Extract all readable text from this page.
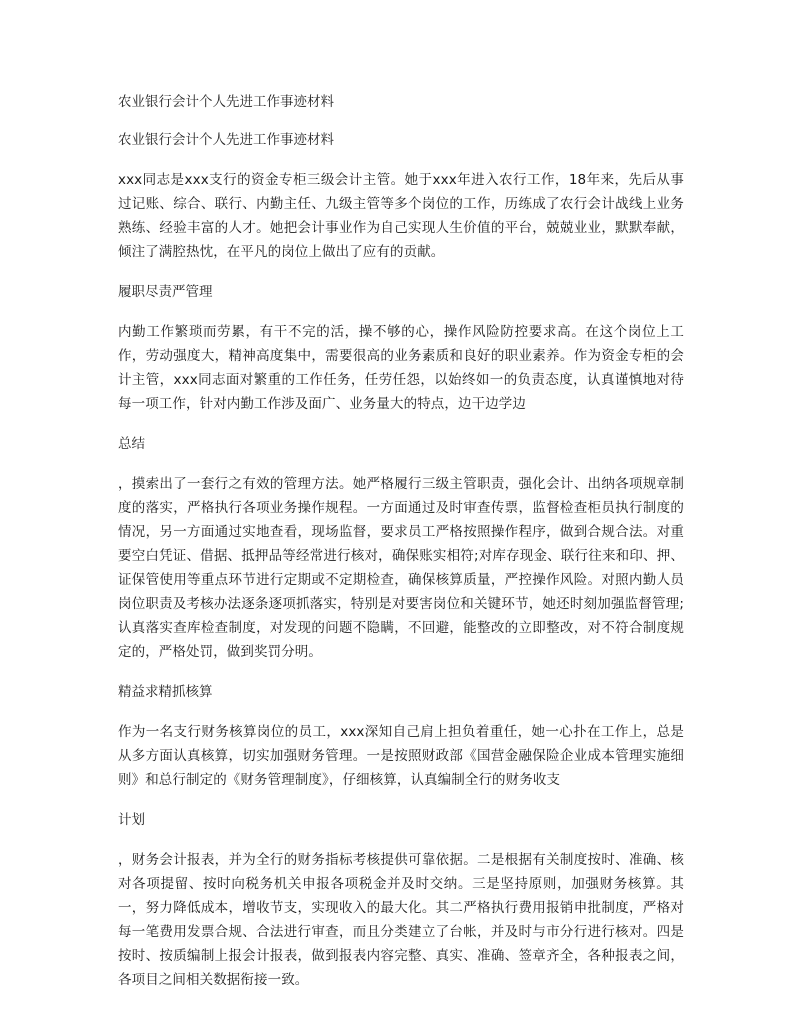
农业银行会计个人先进工作事迹材料
农业银行会计个人先进工作事迹材料

xxx同志是xxx支行的资金专柜三级会计主管。她于xxx年进入农行工作，18年来，先后从事过记账、综合、联行、内勤主任、九级主管等多个岗位的工作，历练成了农行会计战线上业务熟练、经验丰富的人才。她把会计事业作为自己实现人生价值的平台，兢兢业业，默默奉献，倾注了满腔热忱，在平凡的岗位上做出了应有的贡献。

履职尽责严管理

内勤工作繁琐而劳累，有干不完的活，操不够的心，操作风险防控要求高。在这个岗位上工作，劳动强度大，精神高度集中，需要很高的业务素质和良好的职业素养。作为资金专柜的会计主管，xxx同志面对繁重的工作任务，任劳任怨，以始终如一的负责态度，认真谨慎地对待每一项工作，针对内勤工作涉及面广、业务量大的特点，边干边学边

总结

，摸索出了一套行之有效的管理方法。她严格履行三级主管职责，强化会计、出纳各项规章制度的落实，严格执行各项业务操作规程。一方面通过及时审查传票，监督检查柜员执行制度的情况，另一方面通过实地查看，现场监督，要求员工严格按照操作程序，做到合规合法。对重要空白凭证、借据、抵押品等经常进行核对，确保账实相符;对库存现金、联行往来和印、押、证保管使用等重点环节进行定期或不定期检查，确保核算质量，严控操作风险。对照内勤人员岗位职责及考核办法逐条逐项抓落实，特别是对要害岗位和关键环节，她还时刻加强监督管理;认真落实查库检查制度，对发现的问题不隐瞒，不回避，能整改的立即整改，对不符合制度规定的，严格处罚，做到奖罚分明。

精益求精抓核算

作为一名支行财务核算岗位的员工，xxx深知自己肩上担负着重任，她一心扑在工作上，总是从多方面认真核算，切实加强财务管理。一是按照财政部《国营金融保险企业成本管理实施细则》和总行制定的《财务管理制度》，仔细核算，认真编制全行的财务收支

计划

，财务会计报表，并为全行的财务指标考核提供可靠依据。二是根据有关制度按时、准确、核对各项提留、按时向税务机关申报各项税金并及时交纳。三是坚持原则，加强财务核算。其一，努力降低成本，增收节支，实现收入的最大化。其二严格执行费用报销申批制度，严格对每一笔费用发票合规、合法进行审查，而且分类建立了台帐，并及时与市分行进行核对。四是按时、按质编制上报会计报表，做到报表内容完整、真实、准确、签章齐全，各种报表之间，各项目之间相关数据衔接一致。
